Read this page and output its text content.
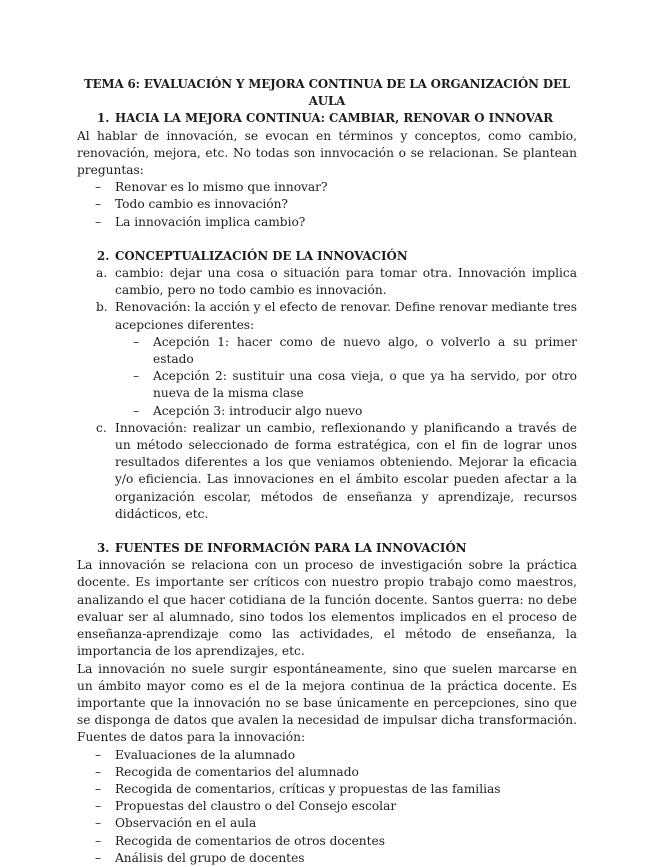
TEMA 6: EVALUACIÓN Y MEJORA CONTINUA DE LA ORGANIZACIÓN DEL AULA
1. HACIA LA MEJORA CONTINUA: CAMBIAR, RENOVAR O INNOVAR

Al hablar de innovación, se evocan en términos y conceptos, como cambio, renovación, mejora, etc. No todas son innvocación o se relacionan. Se plantean preguntas:

–	Renovar es lo mismo que innovar?
–	Todo cambio es innovación?
–	La innovación implica cambio?
2. CONCEPTUALIZACIÓN DE LA INNOVACIÓN
a. cambio: dejar una cosa o situación para tomar otra. Innovación implica cambio, pero no todo cambio es innovación.
b. Renovación: la acción y el efecto de renovar. Define renovar mediante tres acepciones diferentes:
–	Acepción 1: hacer como de nuevo algo, o volverlo a su primer estado
–	Acepción 2: sustituir una cosa vieja, o que ya ha servido, por otro nueva de la misma clase
–	Acepción 3: introducir algo nuevo
c. Innovación: realizar un cambio, reflexionando y planificando a través de un método seleccionado de forma estratégica, con el fin de lograr unos resultados diferentes a los que veniamos obteniendo. Mejorar la eficacia y/o eficiencia. Las innovaciones en el ámbito escolar pueden afectar a la organización escolar, métodos de enseñanza y aprendizaje, recursos didácticos, etc.
3. FUENTES DE INFORMACIÓN PARA LA INNOVACIÓN

La innovación se relaciona con un proceso de investigación sobre la práctica docente. Es importante ser críticos con nuestro propio trabajo como maestros, analizando el que hacer cotidiana de la función docente. Santos guerra: no debe evaluar ser al alumnado, sino todos los elementos implicados en el proceso de enseñanza-aprendizaje como las actividades, el método de enseñanza, la importancia de los aprendizajes, etc.

La innovación no suele surgir espontáneamente, sino que suelen marcarse en un ámbito mayor como es el de la mejora continua de la práctica docente. Es importante que la innovación no se base únicamente en percepciones, sino que se disponga de datos que avalen la necesidad de impulsar dicha transformación. Fuentes de datos para la innovación:

–	Evaluaciones de la alumnado
–	Recogida de comentarios del alumnado
–	Recogida de comentarios, críticas y propuestas de las familias
–	Propuestas del claustro o del Consejo escolar
–	Observación en el aula
–	Recogida de comentarios de otros docentes
–	Análisis del grupo de docentes
